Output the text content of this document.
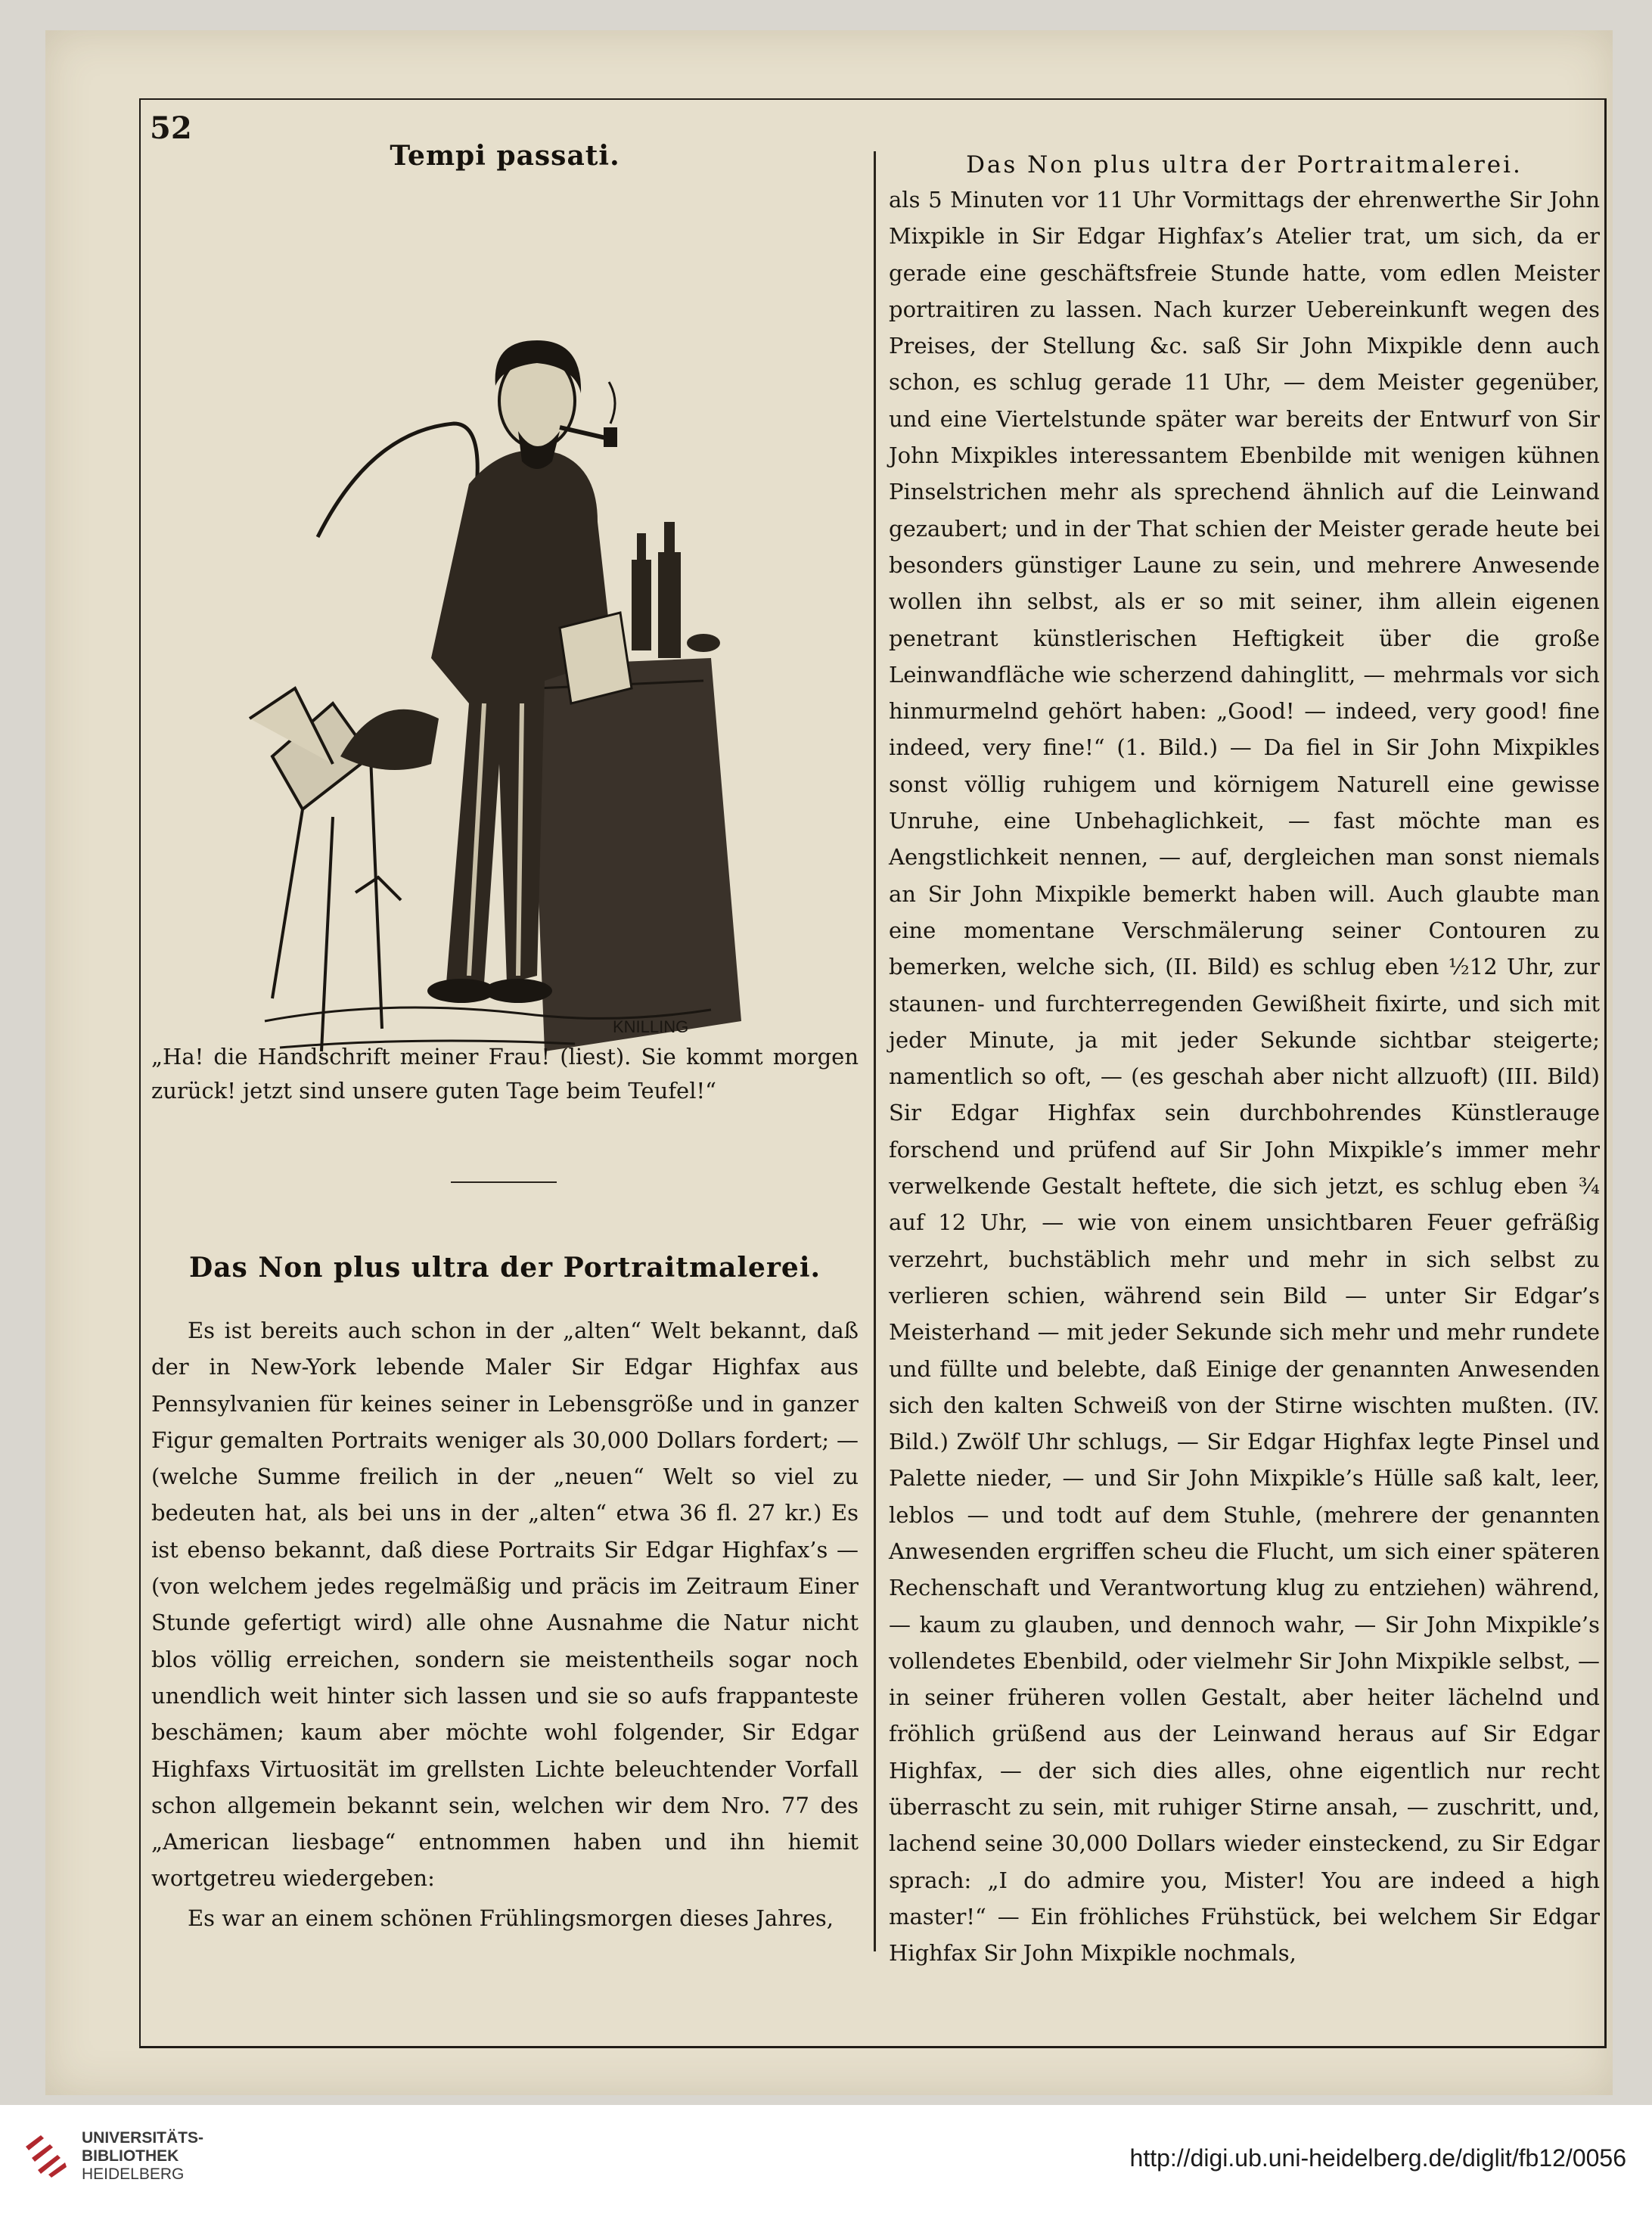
52
Tempi passati.
KNILLING
„Ha! die Handschrift meiner Frau! (liest). Sie kommt morgen zurück! jetzt sind unsere guten Tage beim Teufel!“
Das Non plus ultra der Portraitmalerei.

Es ist bereits auch schon in der „alten“ Welt bekannt, daß der in New-York lebende Maler Sir Edgar Highfax aus Pennsylvanien für keines seiner in Lebensgröße und in ganzer Figur gemalten Portraits weniger als 30,000 Dollars fordert; — (welche Summe freilich in der „neuen“ Welt so viel zu bedeuten hat, als bei uns in der „alten“ etwa 36 fl. 27 kr.) Es ist ebenso bekannt, daß diese Portraits Sir Edgar Highfax’s — (von welchem jedes regelmäßig und präcis im Zeitraum Einer Stunde gefertigt wird) alle ohne Ausnahme die Natur nicht blos völlig erreichen, sondern sie meistentheils sogar noch unendlich weit hinter sich lassen und sie so aufs frappanteste beschämen; kaum aber möchte wohl folgender, Sir Edgar Highfaxs Virtuosität im grellsten Lichte beleuchtender Vorfall schon allgemein bekannt sein, welchen wir dem Nro. 77 des „American liesbage“ entnommen haben und ihn hiemit wortgetreu wiedergeben:

Es war an einem schönen Frühlingsmorgen dieses Jahres,

Das Non plus ultra der Portraitmalerei.

als 5 Minuten vor 11 Uhr Vormittags der ehrenwerthe Sir John Mixpikle in Sir Edgar Highfax’s Atelier trat, um sich, da er gerade eine geschäftsfreie Stunde hatte, vom edlen Meister portraitiren zu lassen. Nach kurzer Uebereinkunft wegen des Preises, der Stellung &c. saß Sir John Mixpikle denn auch schon, es schlug gerade 11 Uhr, — dem Meister gegenüber, und eine Viertelstunde später war bereits der Entwurf von Sir John Mixpikles interessantem Ebenbilde mit wenigen kühnen Pinselstrichen mehr als sprechend ähnlich auf die Leinwand gezaubert; und in der That schien der Meister gerade heute bei besonders günstiger Laune zu sein, und mehrere Anwesende wollen ihn selbst, als er so mit seiner, ihm allein eigenen penetrant künstlerischen Heftigkeit über die große Leinwandfläche wie scherzend dahinglitt, — mehrmals vor sich hinmurmelnd gehört haben: „Good! — indeed, very good! fine indeed, very fine!“ (1. Bild.) — Da fiel in Sir John Mixpikles sonst völlig ruhigem und körnigem Naturell eine gewisse Unruhe, eine Unbehaglichkeit, — fast möchte man es Aengstlichkeit nennen, — auf, dergleichen man sonst niemals an Sir John Mixpikle bemerkt haben will. Auch glaubte man eine momentane Verschmälerung seiner Contouren zu bemerken, welche sich, (II. Bild) es schlug eben ½12 Uhr, zur staunen- und furchterregenden Gewißheit fixirte, und sich mit jeder Minute, ja mit jeder Sekunde sichtbar steigerte; namentlich so oft, — (es geschah aber nicht allzuoft) (III. Bild) Sir Edgar Highfax sein durchbohrendes Künstlerauge forschend und prüfend auf Sir John Mixpikle’s immer mehr verwelkende Gestalt heftete, die sich jetzt, es schlug eben ¾ auf 12 Uhr, — wie von einem unsichtbaren Feuer gefräßig verzehrt, buchstäblich mehr und mehr in sich selbst zu verlieren schien, während sein Bild — unter Sir Edgar’s Meisterhand — mit jeder Sekunde sich mehr und mehr rundete und füllte und belebte, daß Einige der genannten Anwesenden sich den kalten Schweiß von der Stirne wischten mußten. (IV. Bild.) Zwölf Uhr schlugs, — Sir Edgar Highfax legte Pinsel und Palette nieder, — und Sir John Mixpikle’s Hülle saß kalt, leer, leblos — und todt auf dem Stuhle, (mehrere der genannten Anwesenden ergriffen scheu die Flucht, um sich einer späteren Rechenschaft und Verantwortung klug zu entziehen) während, — kaum zu glauben, und dennoch wahr, — Sir John Mixpikle’s vollendetes Ebenbild, oder vielmehr Sir John Mixpikle selbst, — in seiner früheren vollen Gestalt, aber heiter lächelnd und fröhlich grüßend aus der Leinwand heraus auf Sir Edgar Highfax, — der sich dies alles, ohne eigentlich nur recht überrascht zu sein, mit ruhiger Stirne ansah, — zuschritt, und, lachend seine 30,000 Dollars wieder einsteckend, zu Sir Edgar sprach: „I do admire you, Mister! You are indeed a high master!“ — Ein fröhliches Frühstück, bei welchem Sir Edgar Highfax Sir John Mixpikle nochmals,

UNIVERSITÄTS-
BIBLIOTHEK
HEIDELBERG
http://digi.ub.uni-heidelberg.de/diglit/fb12/0056
